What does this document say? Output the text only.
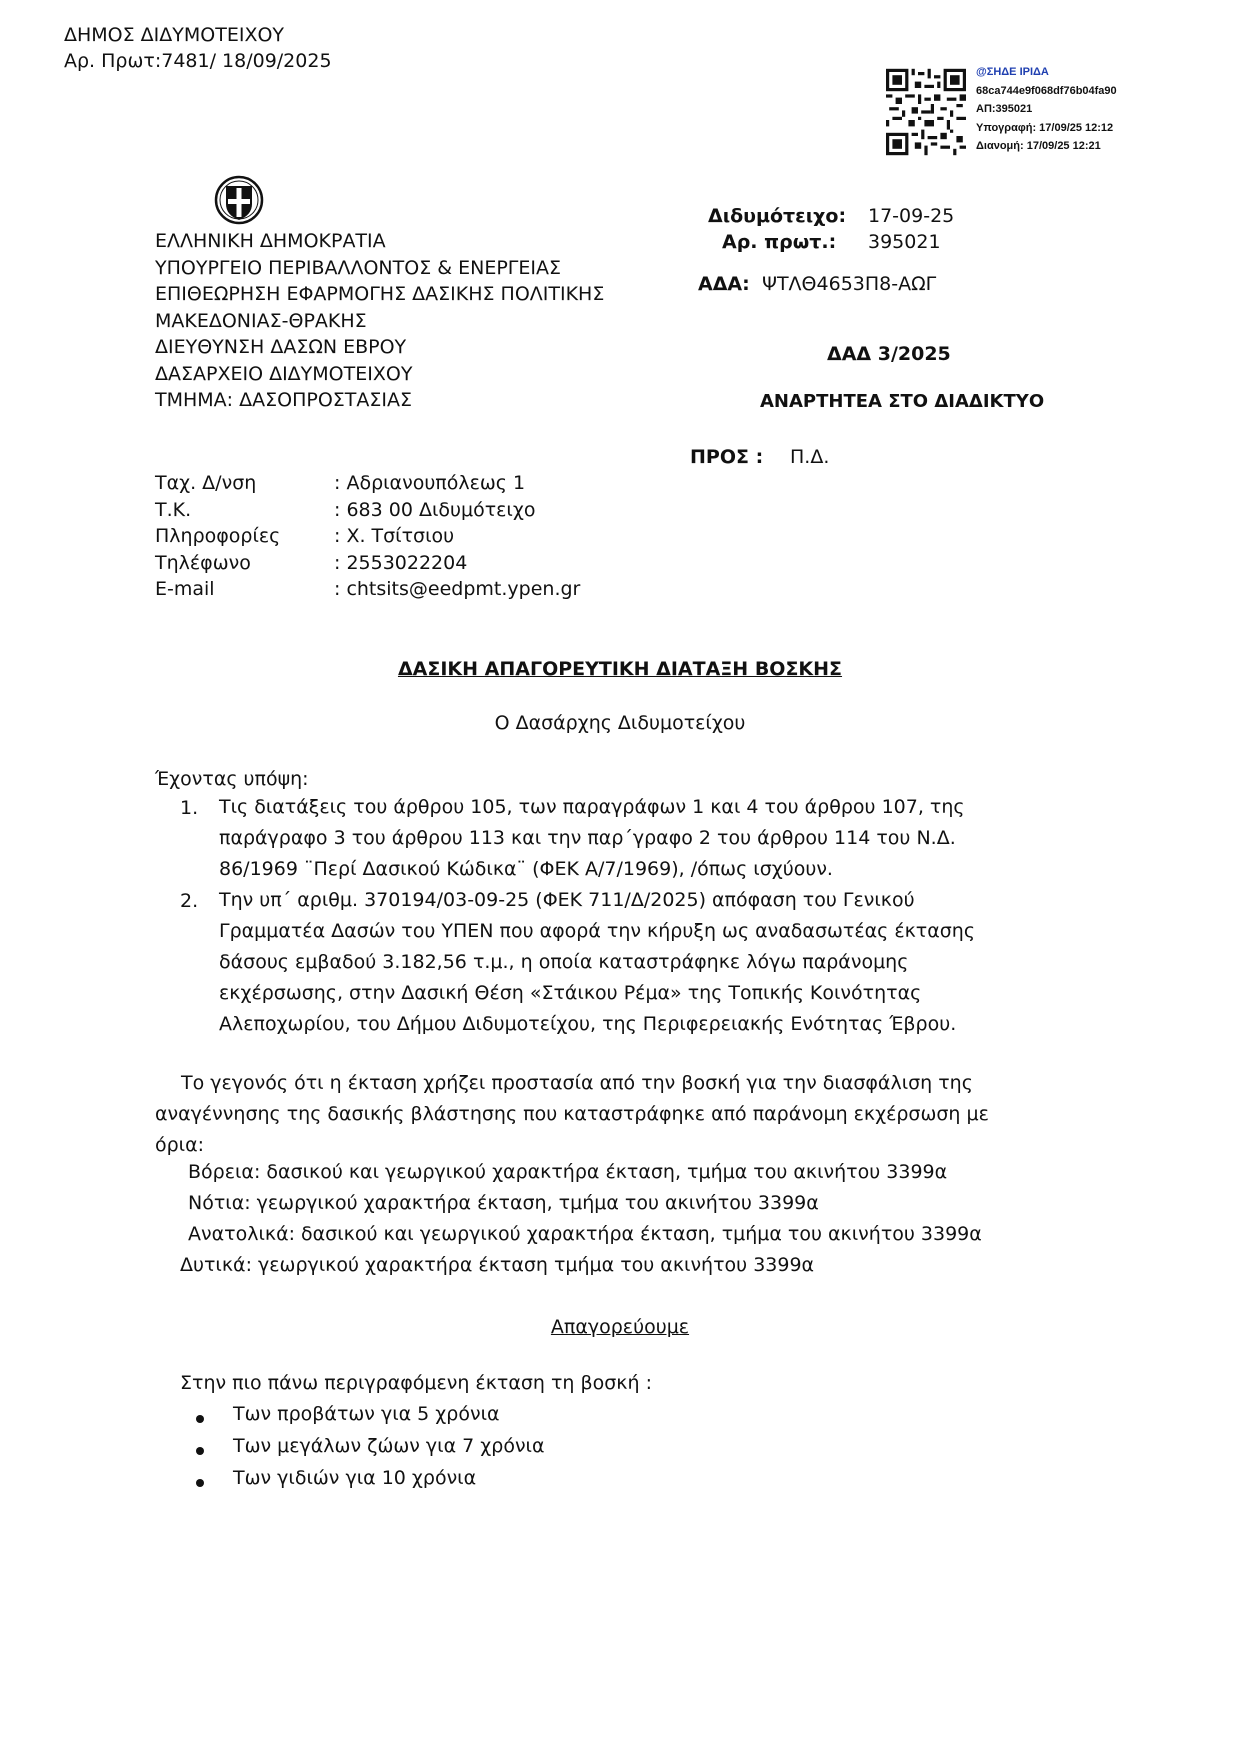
ΔΗΜΟΣ ΔΙΔΥΜΟΤΕΙΧΟΥ
Αρ. Πρωτ:7481/ 18/09/2025	@ΣΗΔΕ ΙΡΙΔΑ
68ca744e9f068df76b04fa90
ΑΠ:395021
Υπογραφή: 17/09/25 12:12
Διανομή: 17/09/25 12:21
ΕΛΛΗΝΙΚΗ ΔΗΜΟΚΡΑΤΙΑ
ΥΠΟΥΡΓΕΙΟ ΠΕΡΙΒΑΛΛΟΝΤΟΣ & ΕΝΕΡΓΕΙΑΣ
ΕΠΙΘΕΩΡΗΣΗ ΕΦΑΡΜΟΓΗΣ ΔΑΣΙΚΗΣ ΠΟΛΙΤΙΚΗΣ
ΜΑΚΕΔΟΝΙΑΣ-ΘΡΑΚΗΣ
ΔΙΕΥΘΥΝΣΗ ΔΑΣΩΝ ΕΒΡΟΥ
ΔΑΣΑΡΧΕΙΟ ΔΙΔΥΜΟΤΕΙΧΟΥ
ΤΜΗΜΑ: ΔΑΣΟΠΡΟΣΤΑΣΙΑΣ
Διδυμότειχο: 17-09-25
Αρ. πρωτ.: 395021
ΑΔΑ: ΨΤΛΘ4653Π8-ΑΩΓ
ΔΑΔ 3/2025
ΑΝΑΡΤΗΤΕΑ ΣΤΟ ΔΙΑΔΙΚΤΥΟ
ΠΡΟΣ : Π.Δ.
Ταχ. Δ/νση
Τ.Κ.
Πληροφορίες
Τηλέφωνο
E-mail
: Αδριανουπόλεως 1
: 683 00 Διδυμότειχο
: Χ. Τσίτσιου
: 2553022204
: chtsits@eedpmt.ypen.gr
ΔΑΣΙΚΗ ΑΠΑΓΟΡΕΥΤΙΚΗ ΔΙΑΤΑΞΗ ΒΟΣΚΗΣ
Ο Δασάρχης Διδυμοτείχου
Έχοντας υπόψη:
1. Τις διατάξεις του άρθρου 105, των παραγράφων 1 και 4 του άρθρου 107, της
παράγραφο 3 του άρθρου 113 και την παρ΄γραφο 2 του άρθρου 114 του Ν.Δ.
86/1969 ¨Περί Δασικού Κώδικα¨ (ΦΕΚ Α/7/1969), /όπως ισχύουν.
2. Την υπ΄ αριθμ. 370194/03-09-25 (ΦΕΚ 711/Δ/2025) απόφαση του Γενικού
Γραμματέα Δασών του ΥΠΕΝ που αφορά την κήρυξη ως αναδασωτέας έκτασης
δάσους εμβαδού 3.182,56 τ.μ., η οποία καταστράφηκε λόγω παράνομης
εκχέρσωσης, στην Δασική Θέση «Στάικου Ρέμα» της Τοπικής Κοινότητας
Αλεποχωρίου, του Δήμου Διδυμοτείχου, της Περιφερειακής Ενότητας Έβρου.
Το γεγονός ότι η έκταση χρήζει προστασία από την βοσκή για την διασφάλιση της
αναγέννησης της δασικής βλάστησης που καταστράφηκε από παράνομη εκχέρσωση με
όρια:
Βόρεια: δασικού και γεωργικού χαρακτήρα έκταση, τμήμα του ακινήτου 3399α
Νότια: γεωργικού χαρακτήρα έκταση, τμήμα του ακινήτου 3399α
Ανατολικά: δασικού και γεωργικού χαρακτήρα έκταση, τμήμα του ακινήτου 3399α
Δυτικά: γεωργικού χαρακτήρα έκταση τμήμα του ακινήτου 3399α
Απαγορεύουμε
Στην πιο πάνω περιγραφόμενη έκταση τη βοσκή :
Των προβάτων για 5 χρόνια
Των μεγάλων ζώων για 7 χρόνια
Των γιδιών για 10 χρόνια
